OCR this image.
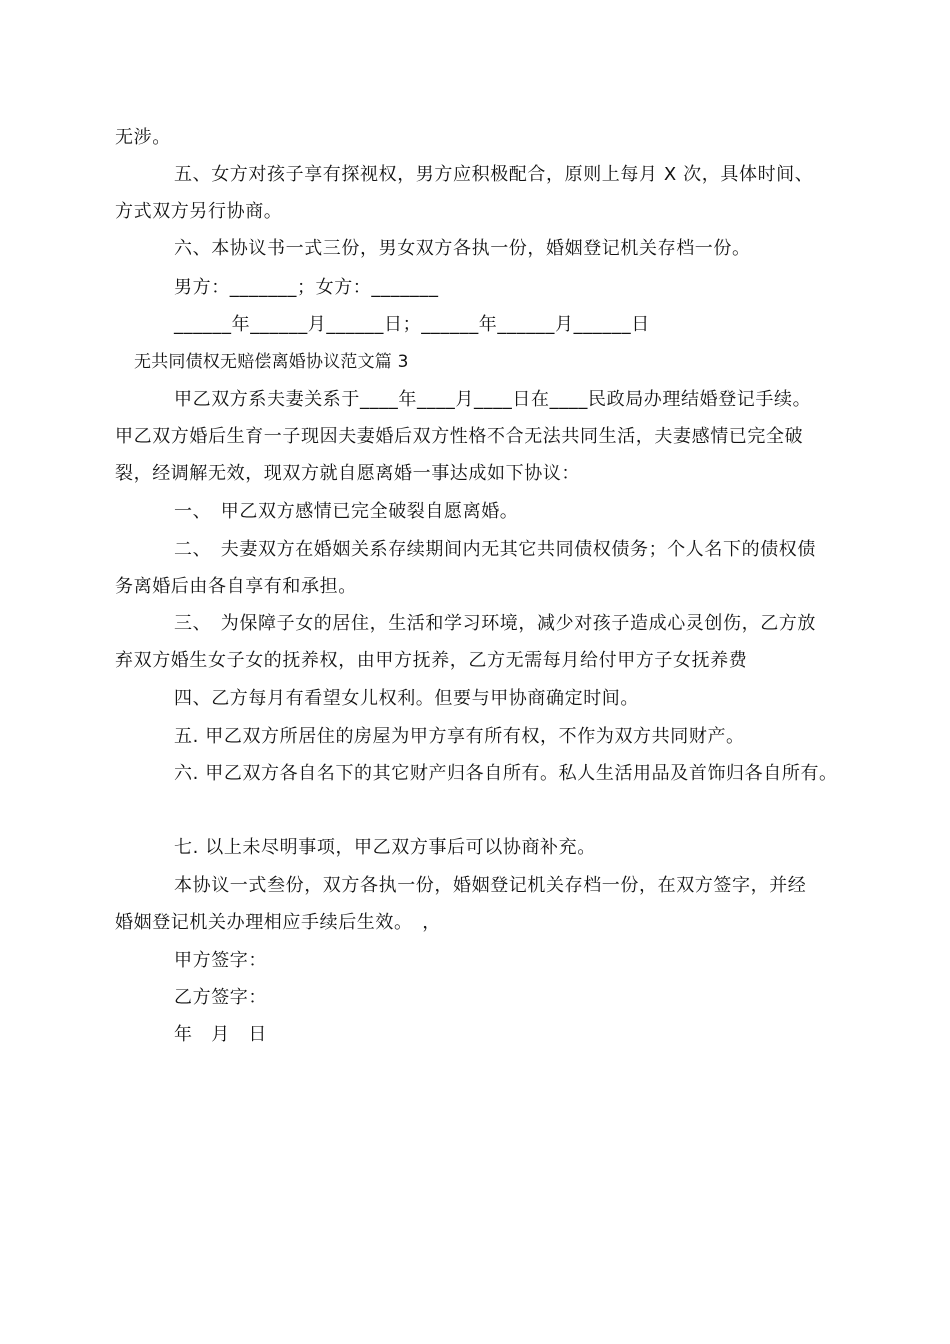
无涉。
五、女方对孩子享有探视权，男方应积极配合，原则上每月 X 次，具体时间、
方式双方另行协商。
六、本协议书一式三份，男女双方各执一份，婚姻登记机关存档一份。
男方：_______；女方：_______
______年______月______日；______年______月______日
无共同债权无赔偿离婚协议范文篇 3
甲乙双方系夫妻关系于____年____月____日在____民政局办理结婚登记手续。
甲乙双方婚后生育一子现因夫妻婚后双方性格不合无法共同生活，夫妻感情已完全破
裂，经调解无效，现双方就自愿离婚一事达成如下协议：
一、　甲乙双方感情已完全破裂自愿离婚。
二、　夫妻双方在婚姻关系存续期间内无其它共同债权债务；个人名下的债权债
务离婚后由各自享有和承担。
三、　为保障子女的居住，生活和学习环境，减少对孩子造成心灵创伤，乙方放
弃双方婚生女子女的抚养权，由甲方抚养，乙方无需每月给付甲方子女抚养费
四、乙方每月有看望女儿权利。但要与甲协商确定时间。
五. 甲乙双方所居住的房屋为甲方享有所有权，不作为双方共同财产。
六. 甲乙双方各自名下的其它财产归各自所有。私人生活用品及首饰归各自所有。
七. 以上未尽明事项，甲乙双方事后可以协商补充。
本协议一式叁份，双方各执一份，婚姻登记机关存档一份，在双方签字，并经
婚姻登记机关办理相应手续后生效。　，
甲方签字：
乙方签字：
年　月　日
